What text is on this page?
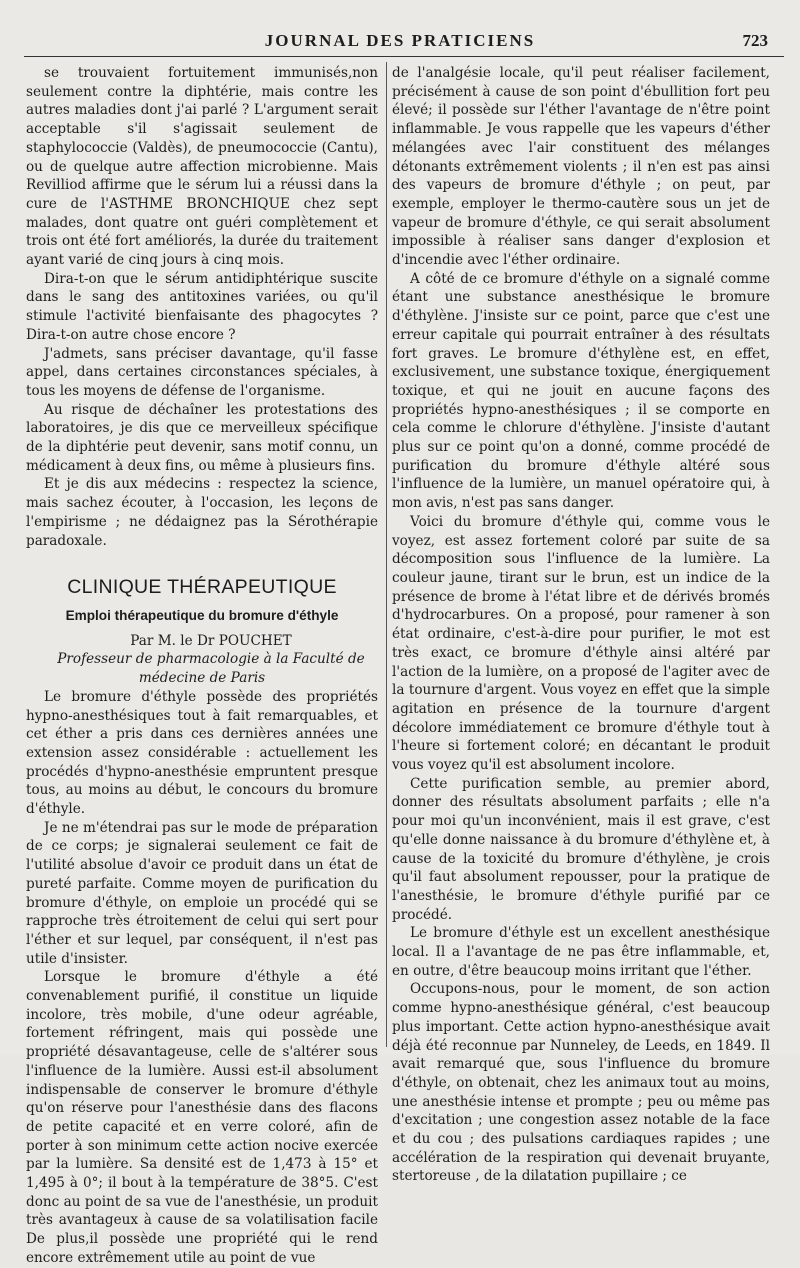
JOURNAL DES PRATICIENS	723

se trouvaient fortuitement immunisés,non seulement contre la diphtérie, mais contre les autres maladies dont j'ai parlé ? L'argument serait acceptable s'il s'agissait seulement de staphylococcie (Valdès), de pneumococcie (Cantu), ou de quelque autre affection microbienne. Mais Revilliod affirme que le sérum lui a réussi dans la cure de l'ASTHME BRONCHIQUE chez sept malades, dont quatre ont guéri complètement et trois ont été fort améliorés, la durée du traitement ayant varié de cinq jours à cinq mois.

Dira-t-on que le sérum antidiphtérique suscite dans le sang des antitoxines variées, ou qu'il stimule l'activité bienfaisante des phagocytes ? Dira-t-on autre chose encore ?

J'admets, sans préciser davantage, qu'il fasse appel, dans certaines circonstances spéciales, à tous les moyens de défense de l'organisme.

Au risque de déchaîner les protestations des laboratoires, je dis que ce merveilleux spécifique de la diphtérie peut devenir, sans motif connu, un médicament à deux fins, ou même à plusieurs fins.

Et je dis aux médecins : respectez la science, mais sachez écouter, à l'occasion, les leçons de l'empirisme ; ne dédaignez pas la Sérothérapie paradoxale.

CLINIQUE THÉRAPEUTIQUE
Emploi thérapeutique du bromure d'éthyle

Par M. le Dr POUCHET

Professeur de pharmacologie à la Faculté de médecine de Paris

Le bromure d'éthyle possède des propriétés hypno-anesthésiques tout à fait remarquables, et cet éther a pris dans ces dernières années une extension assez considérable : actuellement les procédés d'hypno-anesthésie empruntent presque tous, au moins au début, le concours du bromure d'éthyle.

Je ne m'étendrai pas sur le mode de préparation de ce corps; je signalerai seulement ce fait de l'utilité absolue d'avoir ce produit dans un état de pureté parfaite. Comme moyen de purification du bromure d'éthyle, on emploie un procédé qui se rapproche très étroitement de celui qui sert pour l'éther et sur lequel, par conséquent, il n'est pas utile d'insister.

Lorsque le bromure d'éthyle a été convenablement purifié, il constitue un liquide incolore, très mobile, d'une odeur agréable, fortement réfringent, mais qui possède une propriété désavantageuse, celle de s'altérer sous l'influence de la lumière. Aussi est-il absolument indispensable de conserver le bromure d'éthyle qu'on réserve pour l'anesthésie dans des flacons de petite capacité et en verre coloré, afin de porter à son minimum cette action nocive exercée par la lumière. Sa densité est de 1,473 à 15° et 1,495 à 0°; il bout à la température de 38°5. C'est donc au point de sa vue de l'anesthésie, un produit très avantageux à cause de sa volatilisation facile De plus,il possède une propriété qui le rend encore extrêmement utile au point de vue

de l'analgésie locale, qu'il peut réaliser facilement, précisément à cause de son point d'ébullition fort peu élevé; il possède sur l'éther l'avantage de n'être point inflammable. Je vous rappelle que les vapeurs d'éther mélangées avec l'air constituent des mélanges détonants extrêmement violents ; il n'en est pas ainsi des vapeurs de bromure d'éthyle ; on peut, par exemple, employer le thermo-cautère sous un jet de vapeur de bromure d'éthyle, ce qui serait absolument impossible à réaliser sans danger d'explosion et d'incendie avec l'éther ordinaire.

A côté de ce bromure d'éthyle on a signalé comme étant une substance anesthésique le bromure d'éthylène. J'insiste sur ce point, parce que c'est une erreur capitale qui pourrait entraîner à des résultats fort graves. Le bromure d'éthylène est, en effet, exclusivement, une substance toxique, énergiquement toxique, et qui ne jouit en aucune façons des propriétés hypno-anesthésiques ; il se comporte en cela comme le chlorure d'éthylène. J'insiste d'autant plus sur ce point qu'on a donné, comme procédé de purification du bromure d'éthyle altéré sous l'influence de la lumière, un manuel opératoire qui, à mon avis, n'est pas sans danger.

Voici du bromure d'éthyle qui, comme vous le voyez, est assez fortement coloré par suite de sa décomposition sous l'influence de la lumière. La couleur jaune, tirant sur le brun, est un indice de la présence de brome à l'état libre et de dérivés bromés d'hydrocarbures. On a proposé, pour ramener à son état ordinaire, c'est-à-dire pour purifier, le mot est très exact, ce bromure d'éthyle ainsi altéré par l'action de la lumière, on a proposé de l'agiter avec de la tournure d'argent. Vous voyez en effet que la simple agitation en présence de la tournure d'argent décolore immédiatement ce bromure d'éthyle tout à l'heure si fortement coloré; en décantant le produit vous voyez qu'il est absolument incolore.

Cette purification semble, au premier abord, donner des résultats absolument parfaits ; elle n'a pour moi qu'un inconvénient, mais il est grave, c'est qu'elle donne naissance à du bromure d'éthylène et, à cause de la toxicité du bromure d'éthylène, je crois qu'il faut absolument repousser, pour la pratique de l'anesthésie, le bromure d'éthyle purifié par ce procédé.

Le bromure d'éthyle est un excellent anesthésique local. Il a l'avantage de ne pas être inflammable, et, en outre, d'être beaucoup moins irritant que l'éther.

Occupons-nous, pour le moment, de son action comme hypno-anesthésique général, c'est beaucoup plus important. Cette action hypno-anesthésique avait déjà été reconnue par Nunneley, de Leeds, en 1849. Il avait remarqué que, sous l'influence du bromure d'éthyle, on obtenait, chez les animaux tout au moins, une anesthésie intense et prompte ; peu ou même pas d'excitation ; une congestion assez notable de la face et du cou ; des pulsations cardiaques rapides ; une accélération de la respiration qui devenait bruyante, stertoreuse , de la dilatation pupillaire ; ce
